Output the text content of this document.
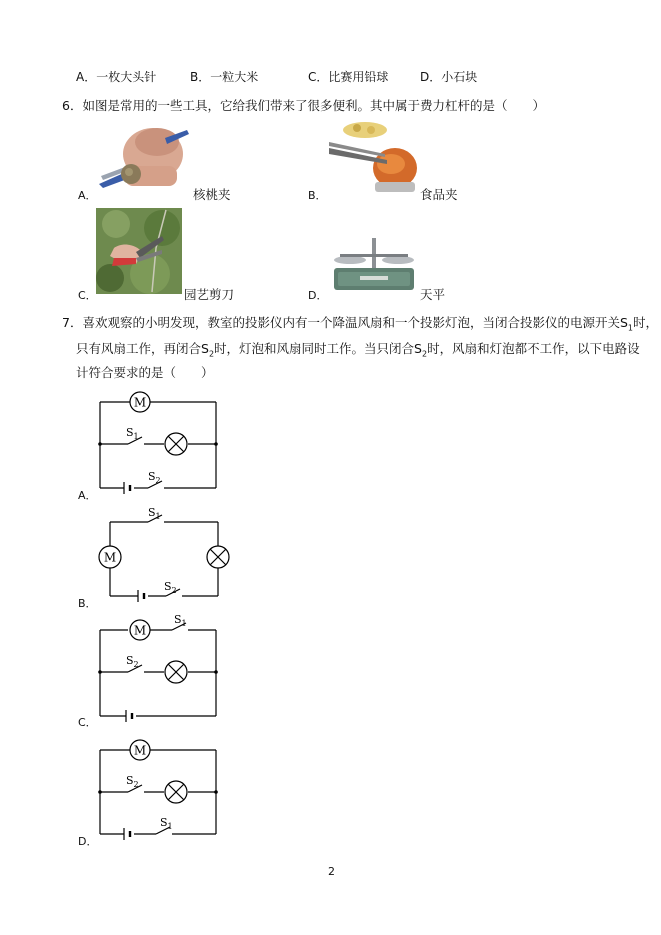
A．一枚大头针	B．一粒大米	C．比赛用铅球	D．小石块
6．如图是常用的一些工具，它给我们带来了很多便利。其中属于费力杠杆的是（　　）
A．	核桃夹	B．	食品夹
C．	园艺剪刀	D．	天平
7．喜欢观察的小明发现，教室的投影仪内有一个降温风扇和一个投影灯泡，当闭合投影仪的电源开关$S_1$时，
只有风扇工作，再闭合$S_2$时，灯泡和风扇同时工作。当只闭合$S_2$时，风扇和灯泡都不工作，以下电路设
计符合要求的是（　　）
M
$S_1$
$S_2$
A．
M
$S_1$
$S_2$
B．
M
$S_1$
$S_2$
C．
M
$S_2$
$S_1$
D．
2
